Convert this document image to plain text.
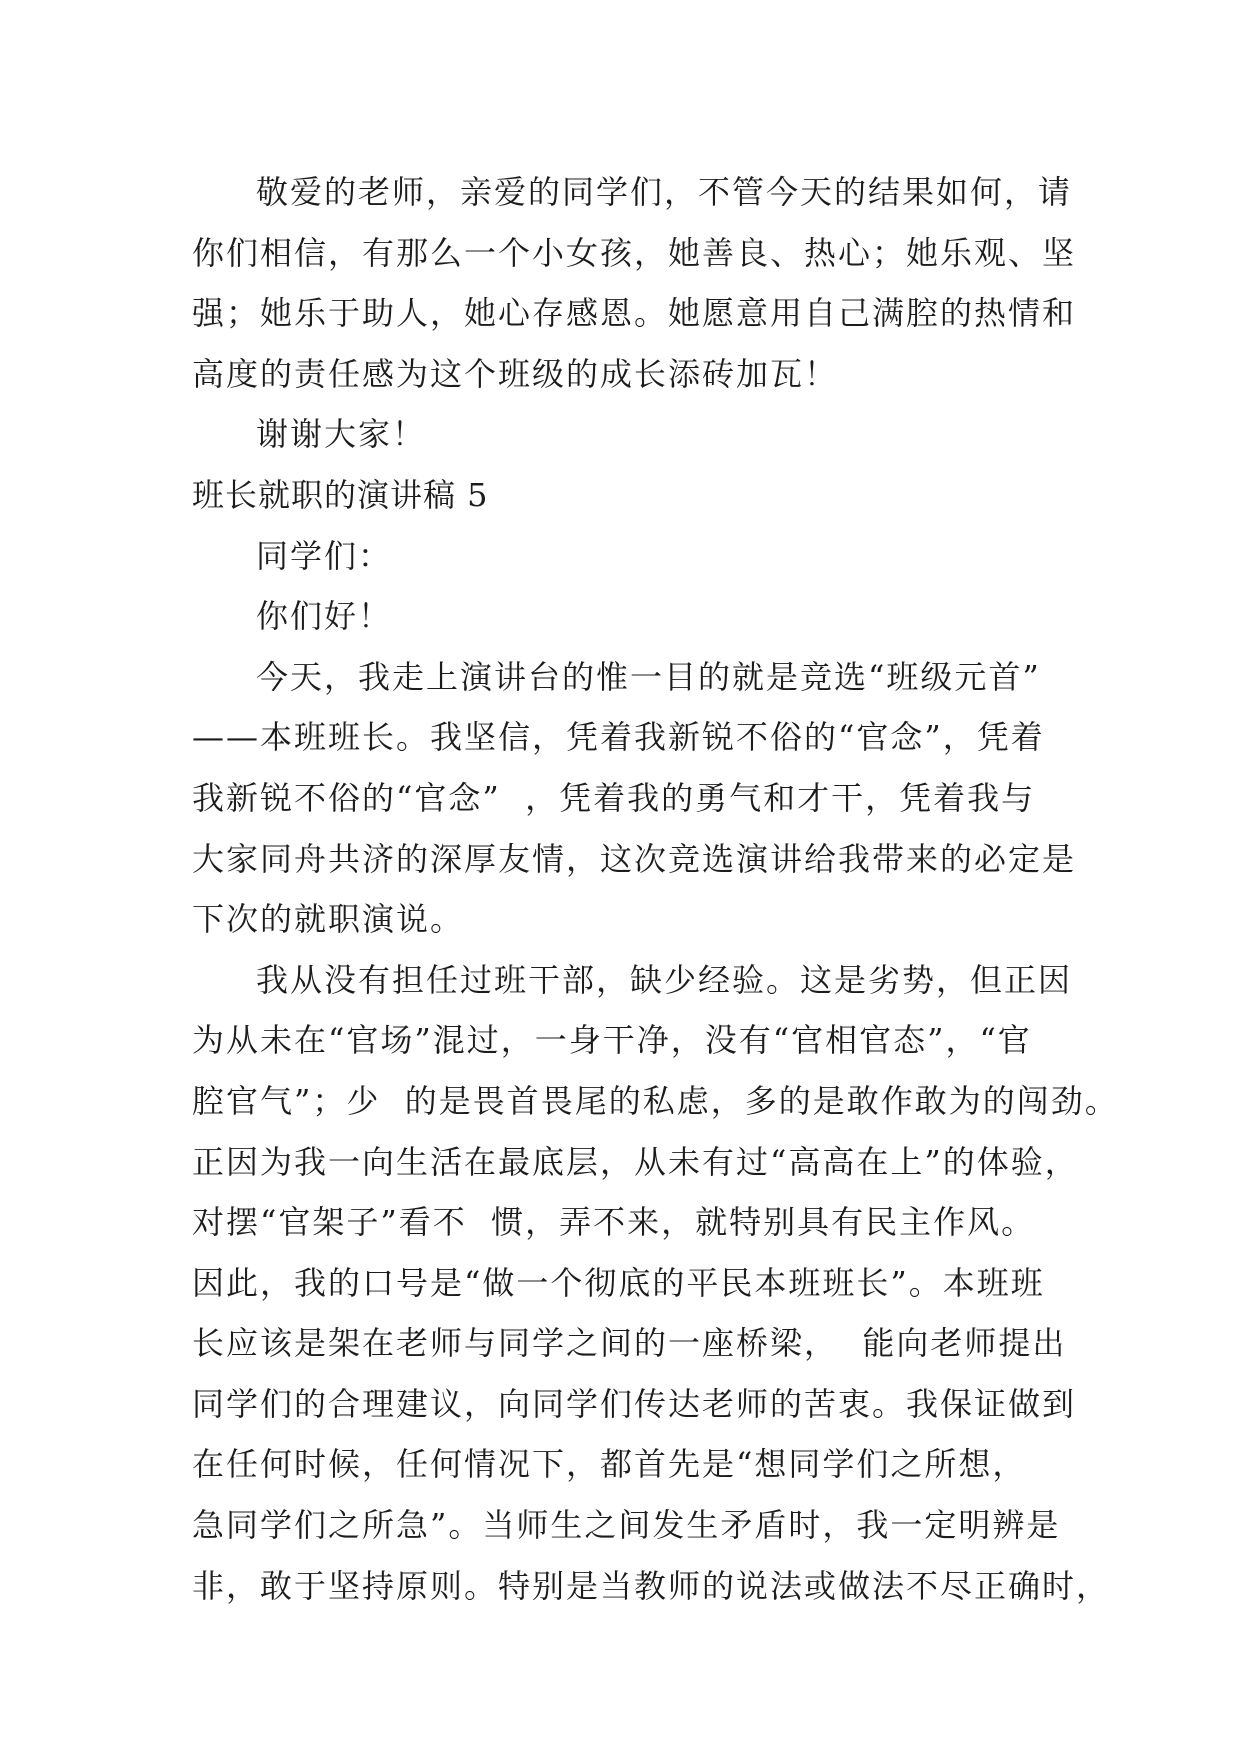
敬爱的老师，亲爱的同学们，不管今天的结果如何，请
你们相信，有那么一个小女孩，她善良、热心；她乐观、坚
强；她乐于助人，她心存感恩。她愿意用自己满腔的热情和
高度的责任感为这个班级的成长添砖加瓦！
谢谢大家！
班长就职的演讲稿 5
同学们：
你们好！
今天，我走上演讲台的惟一目的就是竞选“班级元首”
——本班班长。我坚信，凭着我新锐不俗的“官念”，凭着
我新锐不俗的“官念”  ，凭着我的勇气和才干，凭着我与
大家同舟共济的深厚友情，这次竞选演讲给我带来的必定是
下次的就职演说。
我从没有担任过班干部，缺少经验。这是劣势，但正因
为从未在“官场”混过，一身干净，没有“官相官态”，“官
腔官气”；少  的是畏首畏尾的私虑，多的是敢作敢为的闯劲。
正因为我一向生活在最底层，从未有过“高高在上”的体验，
对摆“官架子”看不  惯，弄不来，就特别具有民主作风。
因此，我的口号是“做一个彻底的平民本班班长”。本班班
长应该是架在老师与同学之间的一座桥梁，  能向老师提出
同学们的合理建议，向同学们传达老师的苦衷。我保证做到
在任何时候，任何情况下，都首先是“想同学们之所想，
急同学们之所急”。当师生之间发生矛盾时，我一定明辨是
非，敢于坚持原则。特别是当教师的说法或做法不尽正确时，
